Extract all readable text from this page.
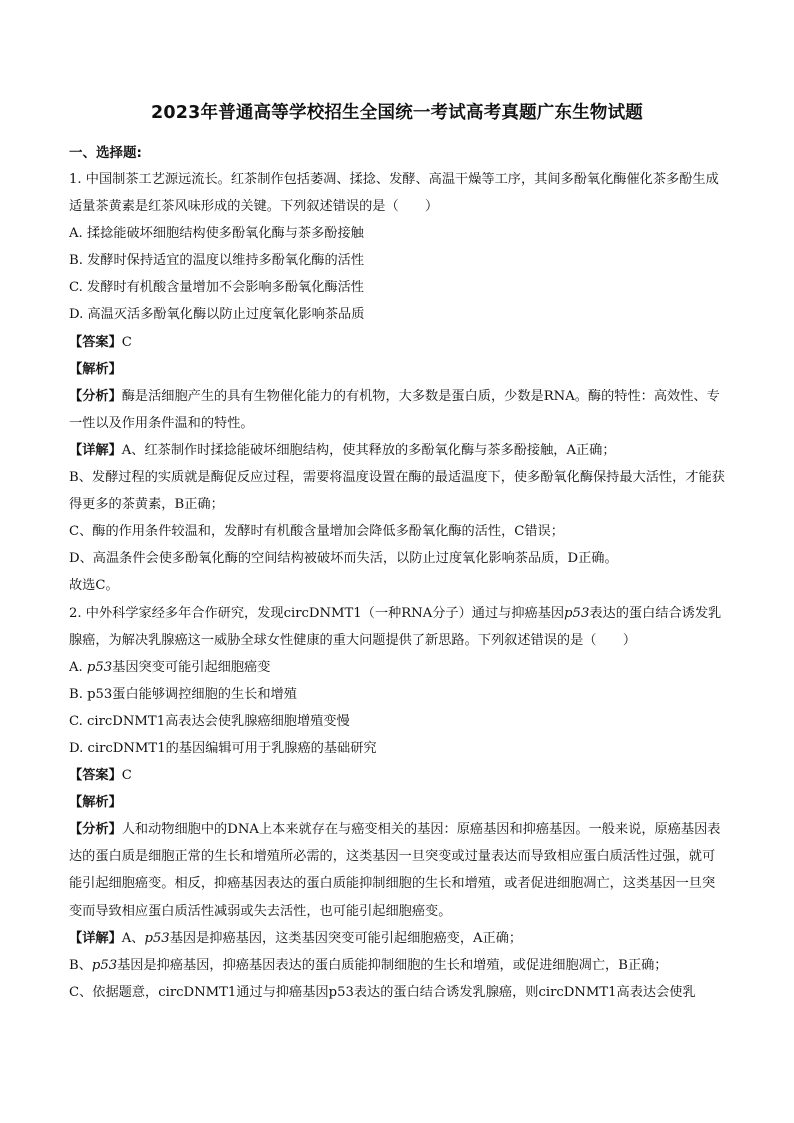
2023年普通高等学校招生全国统一考试高考真题广东生物试题

一、选择题:

1. 中国制茶工艺源远流长。红茶制作包括萎凋、揉捻、发酵、高温干燥等工序，其间多酚氧化酶催化茶多酚生成适量茶黄素是红茶风味形成的关键。下列叙述错误的是（　　）

A. 揉捻能破坏细胞结构使多酚氧化酶与茶多酚接触

B. 发酵时保持适宜的温度以维持多酚氧化酶的活性

C. 发酵时有机酸含量增加不会影响多酚氧化酶活性

D. 高温灭活多酚氧化酶以防止过度氧化影响茶品质

【答案】C

【解析】

【分析】酶是活细胞产生的具有生物催化能力的有机物，大多数是蛋白质，少数是RNA。酶的特性：高效性、专一性以及作用条件温和的特性。

【详解】A、红茶制作时揉捻能破坏细胞结构，使其释放的多酚氧化酶与茶多酚接触，A正确；

B、发酵过程的实质就是酶促反应过程，需要将温度设置在酶的最适温度下，使多酚氧化酶保持最大活性，才能获得更多的茶黄素，B正确；

C、酶的作用条件较温和，发酵时有机酸含量增加会降低多酚氧化酶的活性，C错误；

D、高温条件会使多酚氧化酶的空间结构被破坏而失活，以防止过度氧化影响茶品质，D正确。

故选C。

2. 中外科学家经多年合作研究，发现circDNMT1（一种RNA分子）通过与抑癌基因p53表达的蛋白结合诱发乳腺癌，为解决乳腺癌这一威胁全球女性健康的重大问题提供了新思路。下列叙述错误的是（　　）

A. p53基因突变可能引起细胞癌变

B. p53蛋白能够调控细胞的生长和增殖

C. circDNMT1高表达会使乳腺癌细胞增殖变慢

D. circDNMT1的基因编辑可用于乳腺癌的基础研究

【答案】C

【解析】

【分析】人和动物细胞中的DNA上本来就存在与癌变相关的基因：原癌基因和抑癌基因。一般来说，原癌基因表达的蛋白质是细胞正常的生长和增殖所必需的，这类基因一旦突变或过量表达而导致相应蛋白质活性过强，就可能引起细胞癌变。相反，抑癌基因表达的蛋白质能抑制细胞的生长和增殖，或者促进细胞凋亡，这类基因一旦突变而导致相应蛋白质活性减弱或失去活性，也可能引起细胞癌变。

【详解】A、p53基因是抑癌基因，这类基因突变可能引起细胞癌变，A正确；

B、p53基因是抑癌基因，抑癌基因表达的蛋白质能抑制细胞的生长和增殖，或促进细胞凋亡，B正确；

C、依据题意，circDNMT1通过与抑癌基因p53表达的蛋白结合诱发乳腺癌，则circDNMT1高表达会使乳
